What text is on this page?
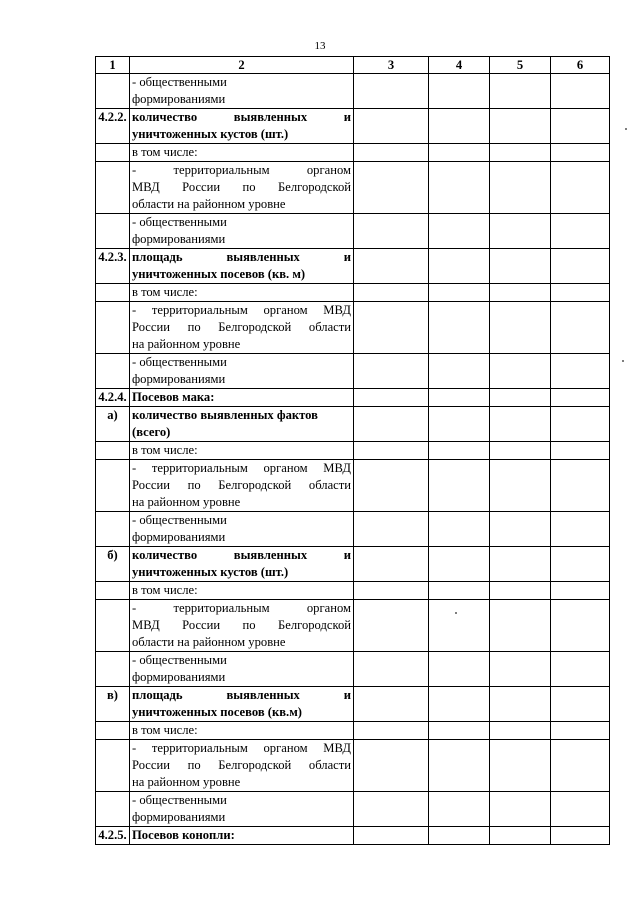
13
1	2	3	4	5	6

	- общественными
формированиями				

4.2.2.	количество выявленных и
уничтоженных кустов (шт.)				

	в том числе:				

	- территориальным органом
МВД России по Белгородской
области на районном уровне				

	- общественными
формированиями				

4.2.3.	площадь выявленных и
уничтоженных посевов (кв. м)				

	в том числе:				

	- территориальным органом МВД
России по Белгородской области
на районном уровне				

	- общественными
формированиями				

4.2.4.	Посевов мака:				

а)	количество выявленных фактов
(всего)				

	в том числе:				

	- территориальным органом МВД
России по Белгородской области
на районном уровне				

	- общественными
формированиями				

б)	количество выявленных и
уничтоженных кустов (шт.)				

	в том числе:				

	- территориальным органом
МВД России по Белгородской
области на районном уровне				

	- общественными
формированиями				

в)	площадь выявленных и
уничтоженных посевов (кв.м)				

	в том числе:				

	- территориальным органом МВД
России по Белгородской области
на районном уровне				

	- общественными
формированиями				

4.2.5.	Посевов конопли:				
